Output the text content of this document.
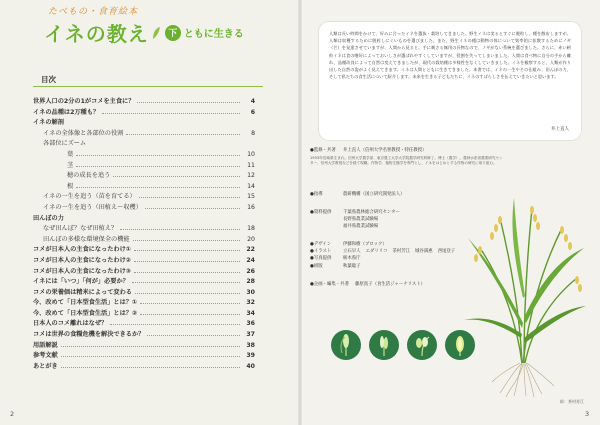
たべもの・食育絵本
イネの教え	下 ともに生きる
目次
世界人口の2分の1がコメを主食に？	4
イネの品種は2万種も？	6
イネの解剖
イネの全体像と各部位の役割	8
各部位にズーム
葉	10
茎	11
穂の成長を追う	12
根	14
イネの一生を追う（苗を育てる）	15
イネの一生を追う（田植え〜収穫）	16
田んぼの力
なぜ田んぼ？なぜ田植え？	18
田んぼの多様な環境保全の機能	20
コメが日本人の主食になったわけ①	22
コメが日本人の主食になったわけ②	24
コメが日本人の主食になったわけ③	26
イネには「いつ」「何が」必要か？	28
コメの栄養価は精米によって変わる	30
今、改めて「日本型食生活」とは？①	32
今、改めて「日本型食生活」とは？②	34
日本人のコメ離れはなぜ？	36
コメは世界の食糧危機を解決できるか？	37
用語解説	38
参考文献	39
あとがき	40
2
人類は長い時間をかけて、好みに合ったイネを選抜・栽培してきました。野生イネは実るとすぐに脱粒し、種を散布しますが、人類は収穫するために脱粒しにくいものを選びました。また、野生イネの種は動物の体について効率的に拡散するためにノギ（芒）を発達させていますが、人間から見ると、手に刺さる無用の長物なので、ノギがない系統を選びました。さらに、赤い籾粒イネは食の嗜好によっておいしさが選ばれやすくしていますが、役割を失ってしまいました。人間は食べ物に自分の手から離れ、品種改良によって自然は変えてきましたが、現代の栽培種は多様性をなくしていきました。イネを観察すると、人類が作り出した自然の姿がよく見えてきます。イネは人間とともに生きてきました。本書では、イネの一生やその仕組み、田んぼの力、そして私たちの食生活について紹介します。未来を生きる子どもたちに、イネのすばらしさを伝えていきたいと思います。
井上直人
●監修・共著	井上直人（信州大学名誉教授・特任教授）
1953年長崎県生まれ。信州大学農学部、東京農工大学大学院農学研究科修了。博士（農学）。農林水産省農業研究センター、信州大学教授などを経て現職。作物学、植物生態学を専門とし、イネをはじめとする作物の研究に取り組む。
●指導	農研機構（国立研究開発法人）
●資料提供	千葉県農林総合研究センター
長野県農業試験場
福井県農業試験場
●デザイン	伊藤和樹（ブロック）
●イラスト	立石早人 エダリリコ 茶村芳江 城谷満惠 西尾登子
●写真提供	栃木県庁
●組版	秋葉聡子
●企画・編集・共著	藤原真子（食生活ジャーナリスト）
絵：茶村芳江
3
